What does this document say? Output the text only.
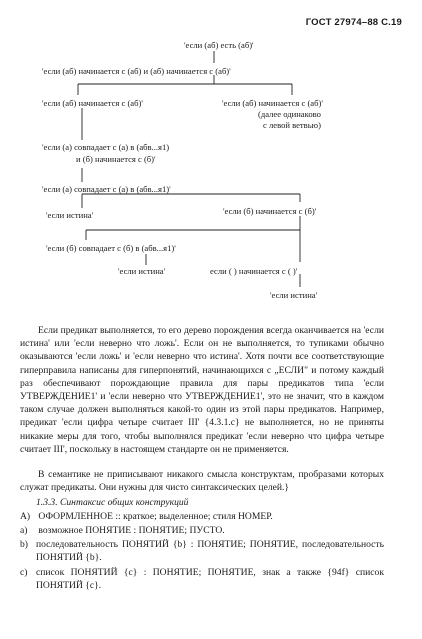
ГОСТ 27974–88 С.19
'если (аб) есть (аб)'
'если (аб) начинается с (аб) и (аб) начинается с (аб)'
'если (аб) начинается с (аб)'	'если (аб) начинается с (аб)'
(далее одинаково
с левой ветвью)
'если (а) совпадает с (а) в (абв...я1)
и (б) начинается с (б)'
'если (а) совпадает с (а) в (абв...я1)'
'если (б) начинается с (б)'
'если истина'
'если (б) совпадает с (б) в (абв...я1)'
'если истина'	если ( ) начинается с ( )'
'если истина'

Если предикат выполняется, то его дерево порождения всегда оканчивается на 'если истина' или 'если неверно что ложь'. Если он не выполняется, то тупиками обычно оказываются 'если ложь' и 'если неверно что истина'. Хотя почти все соответствующие гиперправила написаны для гиперпонятий, начинающихся с „ЕСЛИ" и потому каждый раз обеспечивают порождающие правила для пары предикатов типа 'если УТВЕРЖДЕНИЕ1' и 'если неверно что УТВЕРЖДЕНИЕ1', это не значит, что в каждом таком случае должен выполняться какой-то один из этой пары предикатов. Например, предикат 'если цифра четыре считает III' {4.3.1.c} не выполняется, но не приняты никакие меры для того, чтобы выполнялся предикат 'если неверно что цифра четыре считает III', поскольку в настоящем стандарте он не применяется.

В семантике не приписывают никакого смысла конструктам, пробразами которых служат предикаты. Они нужны для чисто синтаксических целей.}

1.3.3. Синтаксис общих конструкций
A) ОФОРМЛЕННОЕ :: краткое; выделенное; стиля НОМЕР.
a) возможное ПОНЯТИЕ : ПОНЯТИЕ; ПУСТО.
b) последовательность ПОНЯТИЙ {b} : ПОНЯТИЕ; ПОНЯТИЕ, последовательность ПОНЯТИЙ {b}.
c) список ПОНЯТИЙ {c} : ПОНЯТИЕ; ПОНЯТИЕ, знак а также {94f} список ПОНЯТИЙ {c}.
